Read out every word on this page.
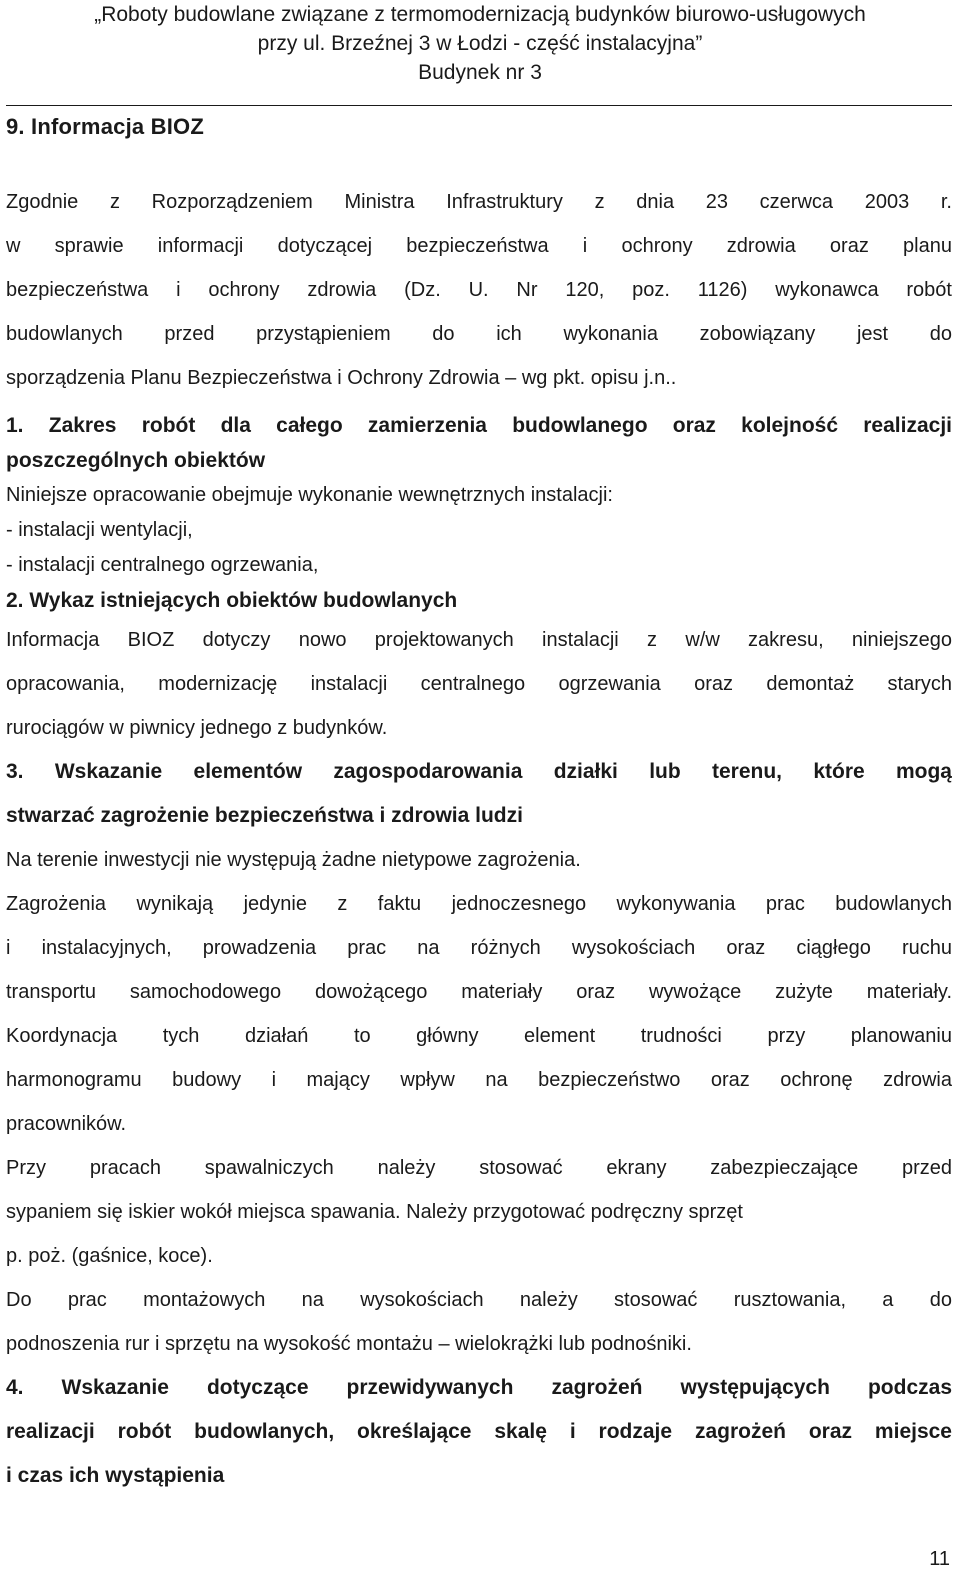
„Roboty budowlane związane z termomodernizacją budynków biurowo-usługowych
przy ul. Brzeźnej 3 w Łodzi - część instalacyjna”
Budynek nr 3
9. Informacja BIOZ
Zgodnie z Rozporządzeniem Ministra Infrastruktury z dnia 23 czerwca 2003 r.
w sprawie informacji dotyczącej bezpieczeństwa i ochrony zdrowia oraz planu
bezpieczeństwa i ochrony zdrowia (Dz. U. Nr 120, poz. 1126) wykonawca robót
budowlanych przed przystąpieniem do ich wykonania zobowiązany jest do
sporządzenia Planu Bezpieczeństwa i Ochrony Zdrowia – wg pkt. opisu j.n..
1. Zakres robót dla całego zamierzenia budowlanego oraz kolejność realizacji
poszczególnych obiektów
Niniejsze opracowanie obejmuje wykonanie wewnętrznych instalacji:
- instalacji wentylacji,
- instalacji centralnego ogrzewania,
2. Wykaz istniejących obiektów budowlanych
Informacja BIOZ dotyczy nowo projektowanych instalacji z w/w zakresu, niniejszego
opracowania, modernizację instalacji centralnego ogrzewania oraz demontaż starych
rurociągów w piwnicy jednego z budynków.
3. Wskazanie elementów zagospodarowania działki lub terenu, które mogą
stwarzać zagrożenie bezpieczeństwa i zdrowia ludzi
Na terenie inwestycji nie występują żadne nietypowe zagrożenia.
Zagrożenia wynikają jedynie z faktu jednoczesnego wykonywania prac budowlanych
i instalacyjnych, prowadzenia prac na różnych wysokościach oraz ciągłego ruchu
transportu samochodowego dowożącego materiały oraz wywożące zużyte materiały.
Koordynacja tych działań to główny element trudności przy planowaniu
harmonogramu budowy i mający wpływ na bezpieczeństwo oraz ochronę zdrowia
pracowników.
Przy pracach spawalniczych należy stosować ekrany zabezpieczające przed
sypaniem się iskier wokół miejsca spawania. Należy przygotować podręczny sprzęt
p. poż. (gaśnice, koce).
Do prac montażowych na wysokościach należy stosować rusztowania, a do
podnoszenia rur i sprzętu na wysokość montażu – wielokrążki lub podnośniki.
4. Wskazanie dotyczące przewidywanych zagrożeń występujących podczas
realizacji robót budowlanych, określające skalę i rodzaje zagrożeń oraz miejsce
i czas ich wystąpienia
11
